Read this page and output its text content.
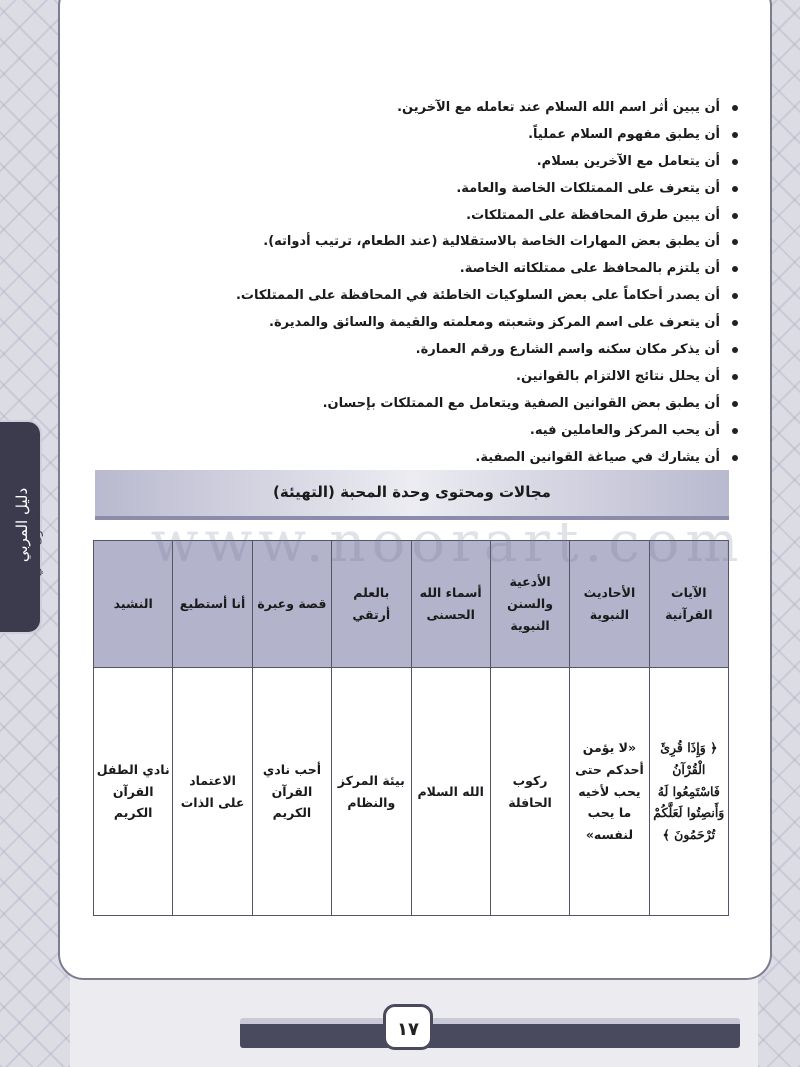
دليل المربي
المستوى الثاني
أن يبين أثر اسم الله السلام عند تعامله مع الآخرين.
أن يطبق مفهوم السلام عملياً.
أن يتعامل مع الآخرين بسلام.
أن يتعرف على الممتلكات الخاصة والعامة.
أن يبين طرق المحافظة على الممتلكات.
أن يطبق بعض المهارات الخاصة بالاستقلالية (عند الطعام، ترتيب أدواته).
أن يلتزم بالمحافظ على ممتلكاته الخاصة.
أن يصدر أحكاماً على بعض السلوكيات الخاطئة في المحافظة على الممتلكات.
أن يتعرف على اسم المركز وشعبته ومعلمته والقيمة والسائق والمديرة.
أن يذكر مكان سكنه واسم الشارع ورقم العمارة.
أن يحلل نتائج الالتزام بالقوانين.
أن يطبق بعض القوانين الصفية ويتعامل مع الممتلكات بإحسان.
أن يحب المركز والعاملين فيه.
أن يشارك في صياغة القوانين الصفية.
مجالات ومحتوى وحدة المحبة (التهيئة)
الآيات القرآنية	الأحاديث النبوية	الأدعية والسنن النبوية	أسماء الله الحسنى	بالعلم أرتقي	قصة وعبرة	أنا أستطيع	النشيد
﴿ وَإِذَا قُرِئَ الْقُرْآنُ فَاسْتَمِعُوا لَهُ وَأَنصِتُوا لَعَلَّكُمْ تُرْحَمُونَ ﴾	«لا يؤمن أحدكم حتى يحب لأخيه ما يحب لنفسه»	ركوب الحافلة	الله السلام	بيئة المركز والنظام	أحب نادي القرآن الكريم	الاعتماد على الذات	نادي الطفل القرآن الكريم
www.noorart.com
١٧
